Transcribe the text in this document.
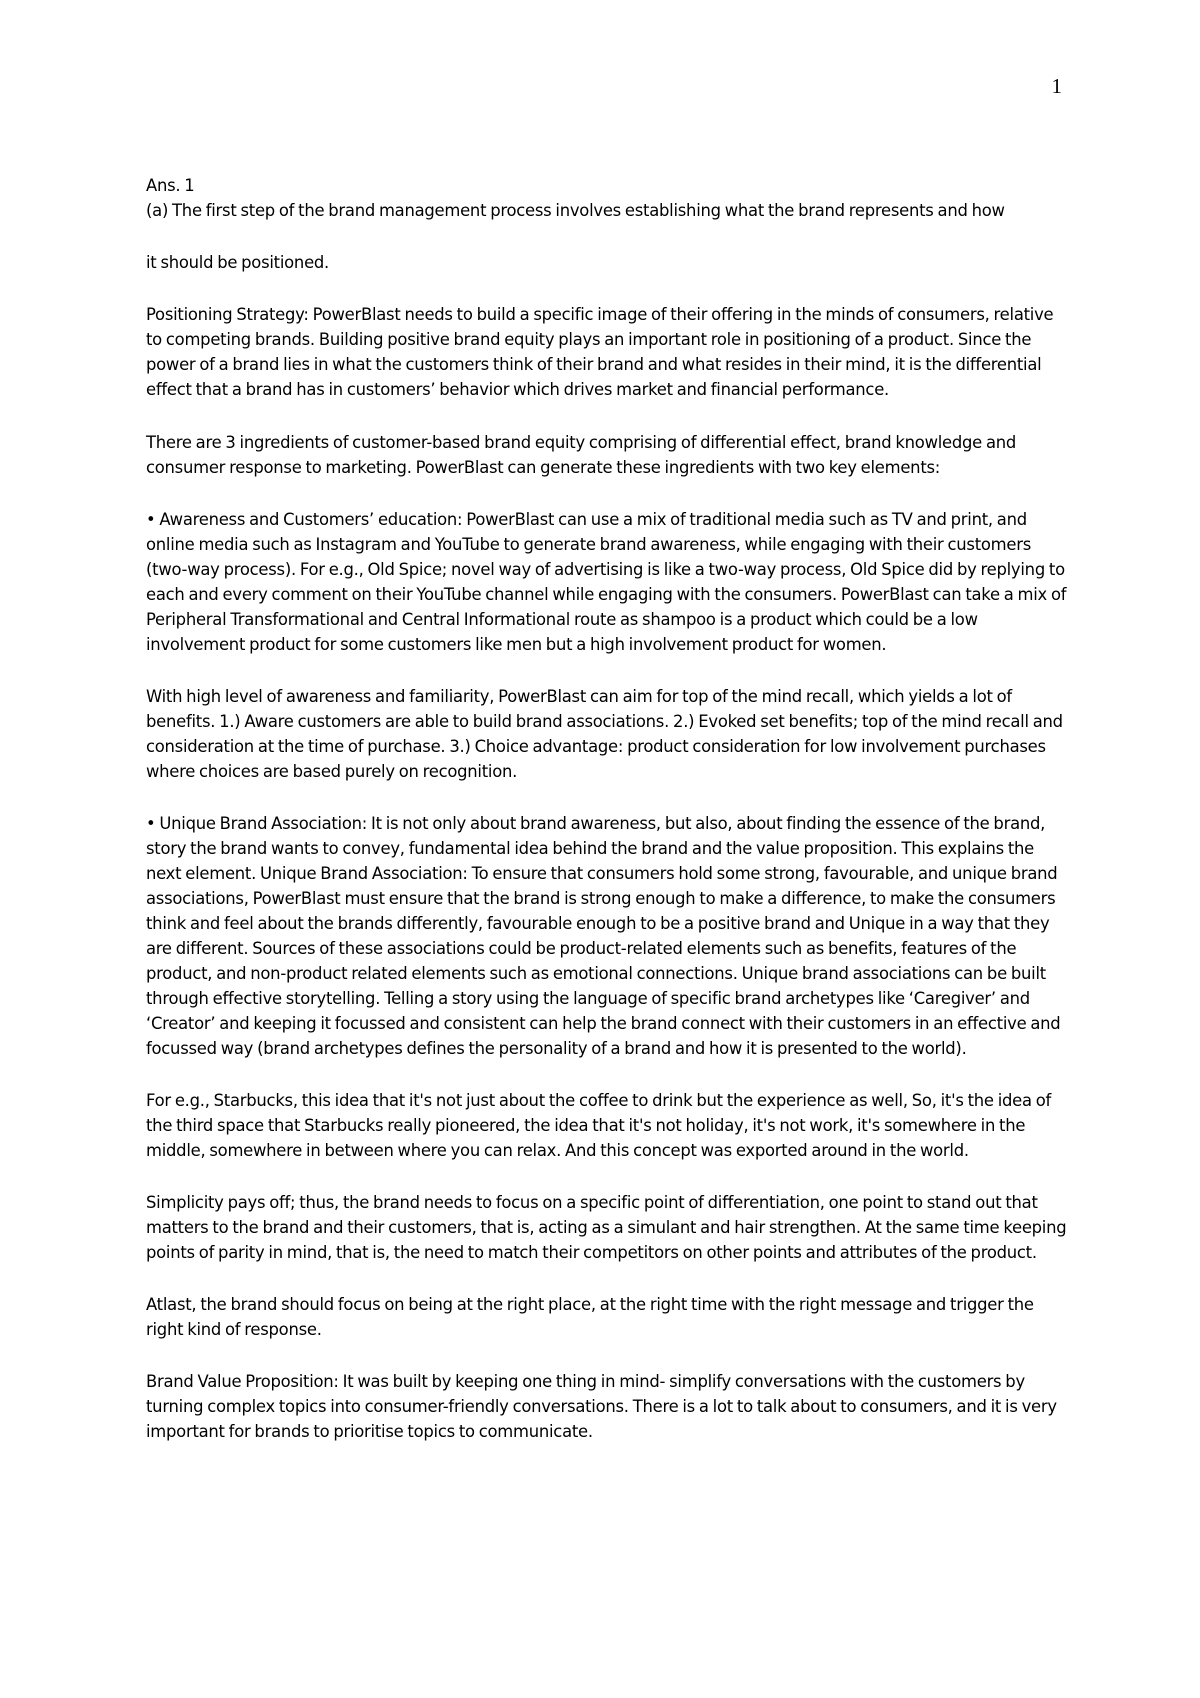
1

Ans. 1

(a) The first step of the brand management process involves establishing what the brand represents and how

it should be positioned.

Positioning Strategy: PowerBlast needs to build a specific image of their offering in the minds of consumers, relative to competing brands. Building positive brand equity plays an important role in positioning of a product. Since the power of a brand lies in what the customers think of their brand and what resides in their mind, it is the differential effect that a brand has in customers’ behavior which drives market and financial performance.

There are 3 ingredients of customer-based brand equity comprising of differential effect, brand knowledge and consumer response to marketing. PowerBlast can generate these ingredients with two key elements:

• Awareness and Customers’ education: PowerBlast can use a mix of traditional media such as TV and print, and online media such as Instagram and YouTube to generate brand awareness, while engaging with their customers (two-way process). For e.g., Old Spice; novel way of advertising is like a two-way process, Old Spice did by replying to each and every comment on their YouTube channel while engaging with the consumers. PowerBlast can take a mix of Peripheral Transformational and Central Informational route as shampoo is a product which could be a low involvement product for some customers like men but a high involvement product for women.

With high level of awareness and familiarity, PowerBlast can aim for top of the mind recall, which yields a lot of benefits. 1.) Aware customers are able to build brand associations. 2.) Evoked set benefits; top of the mind recall and consideration at the time of purchase. 3.) Choice advantage: product consideration for low involvement purchases where choices are based purely on recognition.

• Unique Brand Association: It is not only about brand awareness, but also, about finding the essence of the brand, story the brand wants to convey, fundamental idea behind the brand and the value proposition. This explains the next element. Unique Brand Association: To ensure that consumers hold some strong, favourable, and unique brand associations, PowerBlast must ensure that the brand is strong enough to make a difference, to make the consumers think and feel about the brands differently, favourable enough to be a positive brand and Unique in a way that they are different. Sources of these associations could be product-related elements such as benefits, features of the product, and non-product related elements such as emotional connections. Unique brand associations can be built through effective storytelling. Telling a story using the language of specific brand archetypes like ‘Caregiver’ and ‘Creator’ and keeping it focussed and consistent can help the brand connect with their customers in an effective and focussed way (brand archetypes defines the personality of a brand and how it is presented to the world).

For e.g., Starbucks, this idea that it's not just about the coffee to drink but the experience as well, So, it's the idea of the third space that Starbucks really pioneered, the idea that it's not holiday, it's not work, it's somewhere in the middle, somewhere in between where you can relax. And this concept was exported around in the world.

Simplicity pays off; thus, the brand needs to focus on a specific point of differentiation, one point to stand out that matters to the brand and their customers, that is, acting as a simulant and hair strengthen. At the same time keeping points of parity in mind, that is, the need to match their competitors on other points and attributes of the product.

Atlast, the brand should focus on being at the right place, at the right time with the right message and trigger the right kind of response.

Brand Value Proposition: It was built by keeping one thing in mind- simplify conversations with the customers by turning complex topics into consumer-friendly conversations. There is a lot to talk about to consumers, and it is very important for brands to prioritise topics to communicate.
